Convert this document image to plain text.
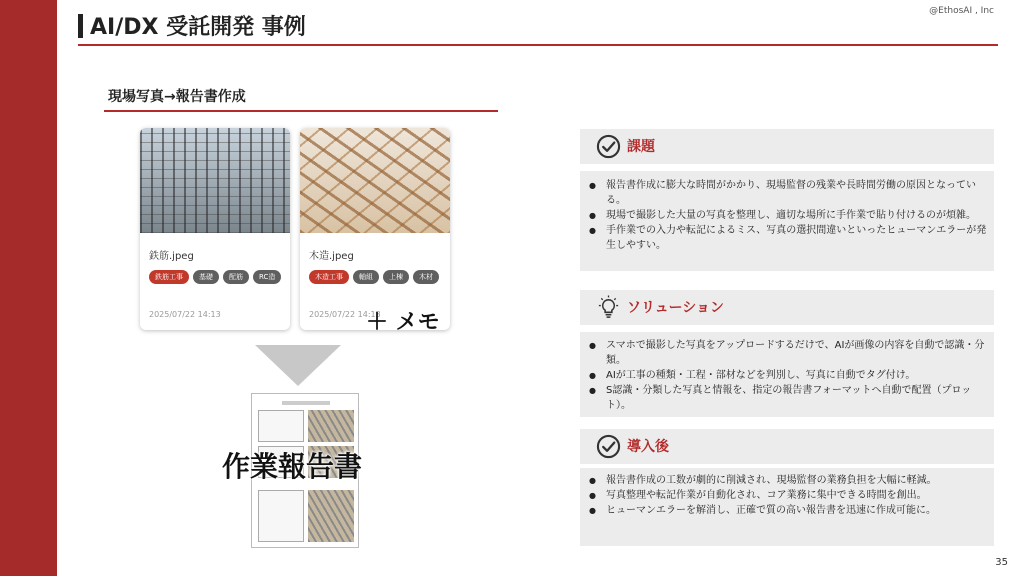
AI/DX 受託開発 事例
@EthosAI , Inc
現場写真→報告書作成
鉄筋.jpeg
鉄筋工事	基礎	配筋	RC造
2025/07/22 14:13
木造.jpeg
木造工事	軸組	上棟	木材
2025/07/22 14:13
＋ メモ
作業報告書
課題
● 報告書作成に膨大な時間がかかり、現場監督の残業や長時間労働の原因となっている。
● 現場で撮影した大量の写真を整理し、適切な場所に手作業で貼り付けるのが煩雑。
● 手作業での入力や転記によるミス、写真の選択間違いといったヒューマンエラーが発生しやすい。
ソリューション
● スマホで撮影した写真をアップロードするだけで、AIが画像の内容を自動で認識・分類。
● AIが工事の種類・工程・部材などを判別し、写真に自動でタグ付け。
● S認識・分類した写真と情報を、指定の報告書フォーマットへ自動で配置（プロット）。
導入後
● 報告書作成の工数が劇的に削減され、現場監督の業務負担を大幅に軽減。
● 写真整理や転記作業が自動化され、コア業務に集中できる時間を創出。
● ヒューマンエラーを解消し、正確で質の高い報告書を迅速に作成可能に。
35
